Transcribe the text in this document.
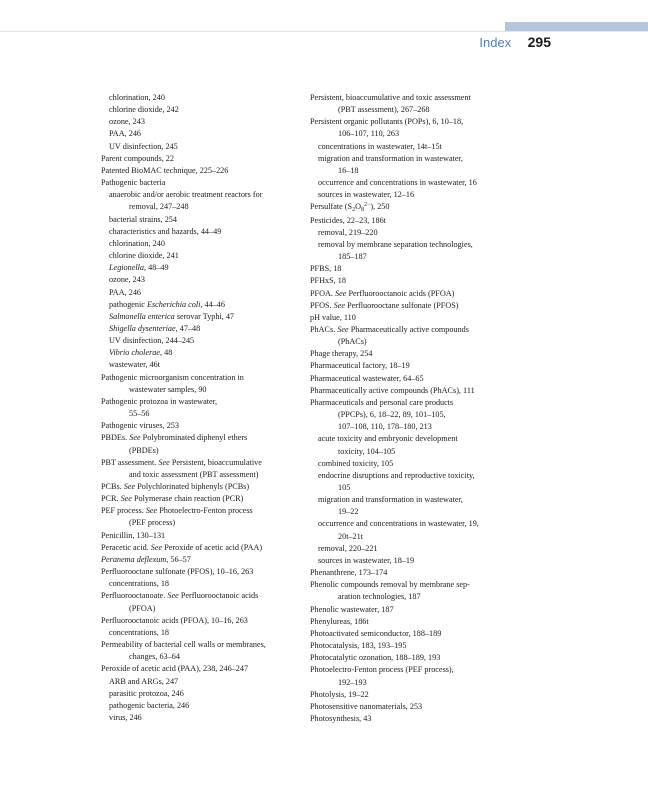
Index 295
chlorination, 240
chlorine dioxide, 242
ozone, 243
PAA, 246
UV disinfection, 245
Parent compounds, 22
Patented BioMAC technique, 225–226
Pathogenic bacteria
anaerobic and/or aerobic treatment reactors for
removal, 247–248
bacterial strains, 254
characteristics and hazards, 44–49
chlorination, 240
chlorine dioxide, 241
Legionella, 48–49
ozone, 243
PAA, 246
pathogenic Escherichia coli, 44–46
Salmonella enterica serovar Typhi, 47
Shigella dysenteriae, 47–48
UV disinfection, 244–245
Vibrio cholerae, 48
wastewater, 46t
Pathogenic microorganism concentration in
wastewater samples, 90
Pathogenic protozoa in wastewater,
55–56
Pathogenic viruses, 253
PBDEs. See Polybrominated diphenyl ethers
(PBDEs)
PBT assessment. See Persistent, bioaccumulative
and toxic assessment (PBT assessment)
PCBs. See Polychlorinated biphenyls (PCBs)
PCR. See Polymerase chain reaction (PCR)
PEF process. See Photoelectro-Fenton process
(PEF process)
Penicillin, 130–131
Peracetic acid. See Peroxide of acetic acid (PAA)
Peranema deflexum, 56–57
Perfluorooctane sulfonate (PFOS), 10–16, 263
concentrations, 18
Perfluorooctanoate. See Perfluorooctanoic acids
(PFOA)
Perfluorooctanoic acids (PFOA), 10–16, 263
concentrations, 18
Permeability of bacterial cell walls or membranes,
changes, 63–64
Peroxide of acetic acid (PAA), 238, 246–247
ARB and ARGs, 247
parasitic protozoa, 246
pathogenic bacteria, 246
virus, 246
Persistent, bioaccumulative and toxic assessment
(PBT assessment), 267–268
Persistent organic pollutants (POPs), 6, 10–18,
106–107, 110, 263
concentrations in wastewater, 14t–15t
migration and transformation in wastewater,
16–18
occurrence and concentrations in wastewater, 16
sources in wastewater, 12–16
Persulfate $(S_2O_8^{2-})$, 250
Pesticides, 22–23, 186t
removal, 219–220
removal by membrane separation technologies,
185–187
PFBS, 18
PFHxS, 18
PFOA. See Perfluorooctanoic acids (PFOA)
PFOS. See Perfluorooctane sulfonate (PFOS)
pH value, 110
PhACs. See Pharmaceutically active compounds
(PhACs)
Phage therapy, 254
Pharmaceutical factory, 18–19
Pharmaceutical wastewater, 64–65
Pharmaceutically active compounds (PhACs), 111
Pharmaceuticals and personal care products
(PPCPs), 6, 18–22, 89, 101–105,
107–108, 110, 178–180, 213
acute toxicity and embryonic development
toxicity, 104–105
combined toxicity, 105
endocrine disruptions and reproductive toxicity,
105
migration and transformation in wastewater,
19–22
occurrence and concentrations in wastewater, 19,
20t–21t
removal, 220–221
sources in wastewater, 18–19
Phenanthrene, 173–174
Phenolic compounds removal by membrane sep-
aration technologies, 187
Phenolic wastewater, 187
Phenylureas, 186t
Photoactivated semiconductor, 188–189
Photocatalysis, 183, 193–195
Photocatalytic ozonation, 188–189, 193
Photoelectro-Fenton process (PEF process),
192–193
Photolysis, 19–22
Photosensitive nanomaterials, 253
Photosynthesis, 43
